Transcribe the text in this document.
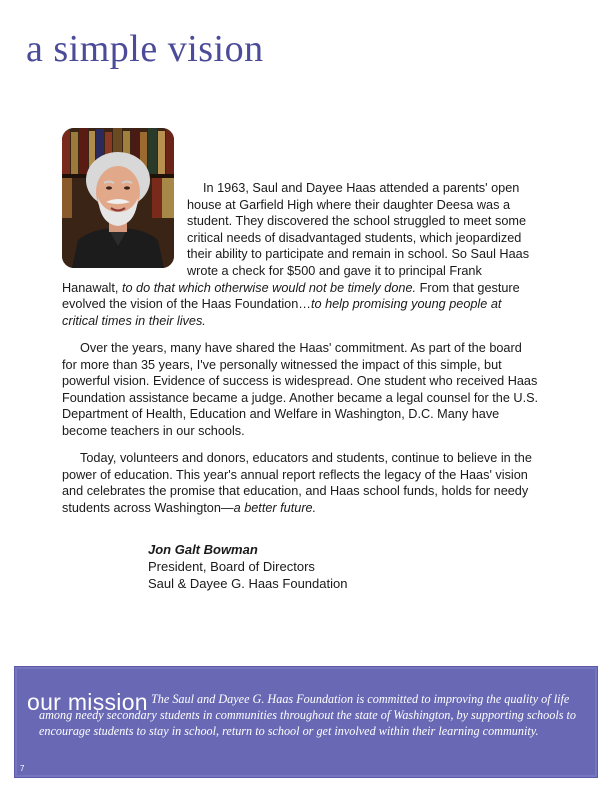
a simple vision
In 1963, Saul and Dayee Haas attended a parents' open house at Garfield High where their daughter Deesa was a student. They discovered the school struggled to meet some critical needs of disadvantaged students, which jeopardized their ability to participate and remain in school. So Saul Haas wrote a check for $500 and gave it to principal Frank Hanawalt, to do that which otherwise would not be timely done. From that gesture evolved the vision of the Haas Foundation…to help promising young people at critical times in their lives.
Over the years, many have shared the Haas' commitment. As part of the board for more than 35 years, I've personally witnessed the impact of this simple, but powerful vision. Evidence of success is widespread. One student who received Haas Foundation assistance became a judge. Another became a legal counsel for the U.S. Department of Health, Education and Welfare in Washington, D.C. Many have become teachers in our schools.
Today, volunteers and donors, educators and students, continue to believe in the power of education. This year's annual report reflects the legacy of the Haas' vision and celebrates the promise that education, and Haas school funds, holds for needy students across Washington—a better future.
Jon Galt Bowman
President, Board of Directors
Saul & Dayee G. Haas Foundation
our mission The Saul and Dayee G. Haas Foundation is committed to improving the quality of life among needy secondary students in communities throughout the state of Washington, by supporting schools to encourage students to stay in school, return to school or get involved within their learning community.
7
